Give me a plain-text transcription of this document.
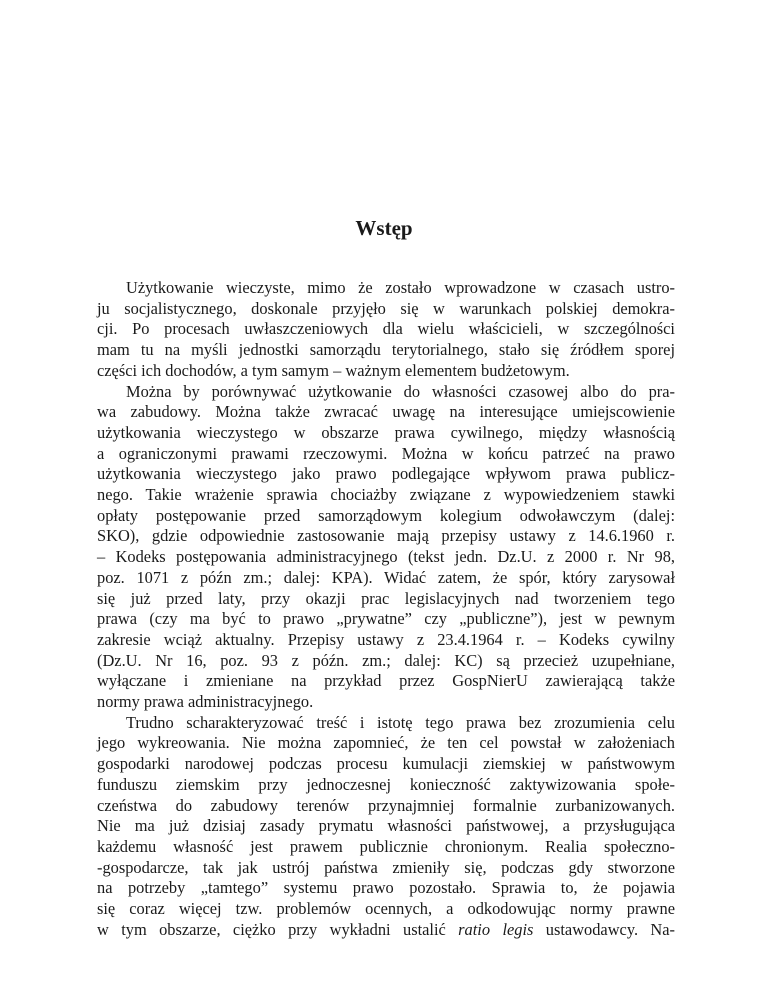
Wstęp

Użytkowanie wieczyste, mimo że zostało wprowadzone w czasach ustro-
ju socjalistycznego, doskonale przyjęło się w warunkach polskiej demokra-
cji. Po procesach uwłaszczeniowych dla wielu właścicieli, w szczególności
mam tu na myśli jednostki samorządu terytorialnego, stało się źródłem sporej
części ich dochodów, a tym samym – ważnym elementem budżetowym.

Można by porównywać użytkowanie do własności czasowej albo do pra-
wa zabudowy. Można także zwracać uwagę na interesujące umiejscowienie
użytkowania wieczystego w obszarze prawa cywilnego, między własnością
a ograniczonymi prawami rzeczowymi. Można w końcu patrzeć na prawo
użytkowania wieczystego jako prawo podlegające wpływom prawa publicz-
nego. Takie wrażenie sprawia chociażby związane z wypowiedzeniem stawki
opłaty postępowanie przed samorządowym kolegium odwoławczym (dalej:
SKO), gdzie odpowiednie zastosowanie mają przepisy ustawy z 14.6.1960 r.
– Kodeks postępowania administracyjnego (tekst jedn. Dz.U. z 2000 r. Nr 98,
poz. 1071 z późn zm.; dalej: KPA). Widać zatem, że spór, który zarysował
się już przed laty, przy okazji prac legislacyjnych nad tworzeniem tego
prawa (czy ma być to prawo „prywatne” czy „publiczne”), jest w pewnym
zakresie wciąż aktualny. Przepisy ustawy z 23.4.1964 r. – Kodeks cywilny
(Dz.U. Nr 16, poz. 93 z późn. zm.; dalej: KC) są przecież uzupełniane,
wyłączane i zmieniane na przykład przez GospNierU zawierającą także
normy prawa administracyjnego.

Trudno scharakteryzować treść i istotę tego prawa bez zrozumienia celu
jego wykreowania. Nie można zapomnieć, że ten cel powstał w założeniach
gospodarki narodowej podczas procesu kumulacji ziemskiej w państwowym
funduszu ziemskim przy jednoczesnej konieczność zaktywizowania społe-
czeństwa do zabudowy terenów przynajmniej formalnie zurbanizowanych.
Nie ma już dzisiaj zasady prymatu własności państwowej, a przysługująca
każdemu własność jest prawem publicznie chronionym. Realia społeczno-
-gospodarcze, tak jak ustrój państwa zmieniły się, podczas gdy stworzone
na potrzeby „tamtego” systemu prawo pozostało. Sprawia to, że pojawia
się coraz więcej tzw. problemów ocennych, a odkodowując normy prawne
w tym obszarze, ciężko przy wykładni ustalić ratio legis ustawodawcy. Na-
